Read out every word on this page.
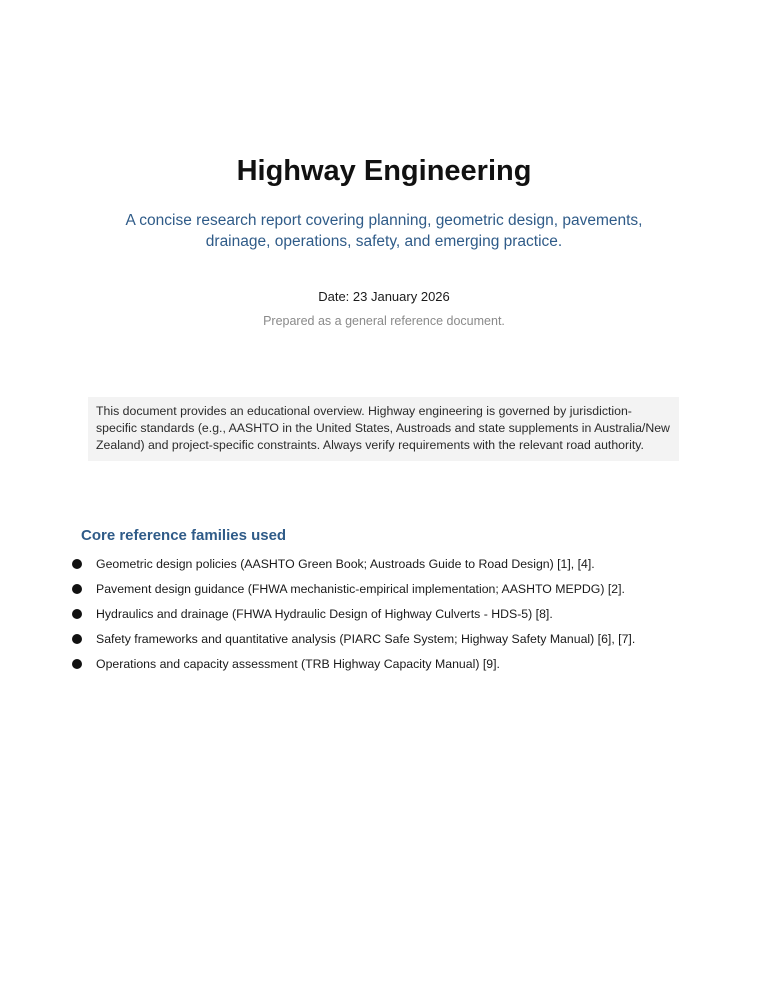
Highway Engineering

A concise research report covering planning, geometric design, pavements, drainage, operations, safety, and emerging practice.

Date: 23 January 2026

Prepared as a general reference document.

This document provides an educational overview. Highway engineering is governed by jurisdiction-specific standards (e.g., AASHTO in the United States, Austroads and state supplements in Australia/New Zealand) and project-specific constraints. Always verify requirements with the relevant road authority.
Core reference families used
Geometric design policies (AASHTO Green Book; Austroads Guide to Road Design) [1], [4].
Pavement design guidance (FHWA mechanistic-empirical implementation; AASHTO MEPDG) [2].
Hydraulics and drainage (FHWA Hydraulic Design of Highway Culverts - HDS-5) [8].
Safety frameworks and quantitative analysis (PIARC Safe System; Highway Safety Manual) [6], [7].
Operations and capacity assessment (TRB Highway Capacity Manual) [9].
